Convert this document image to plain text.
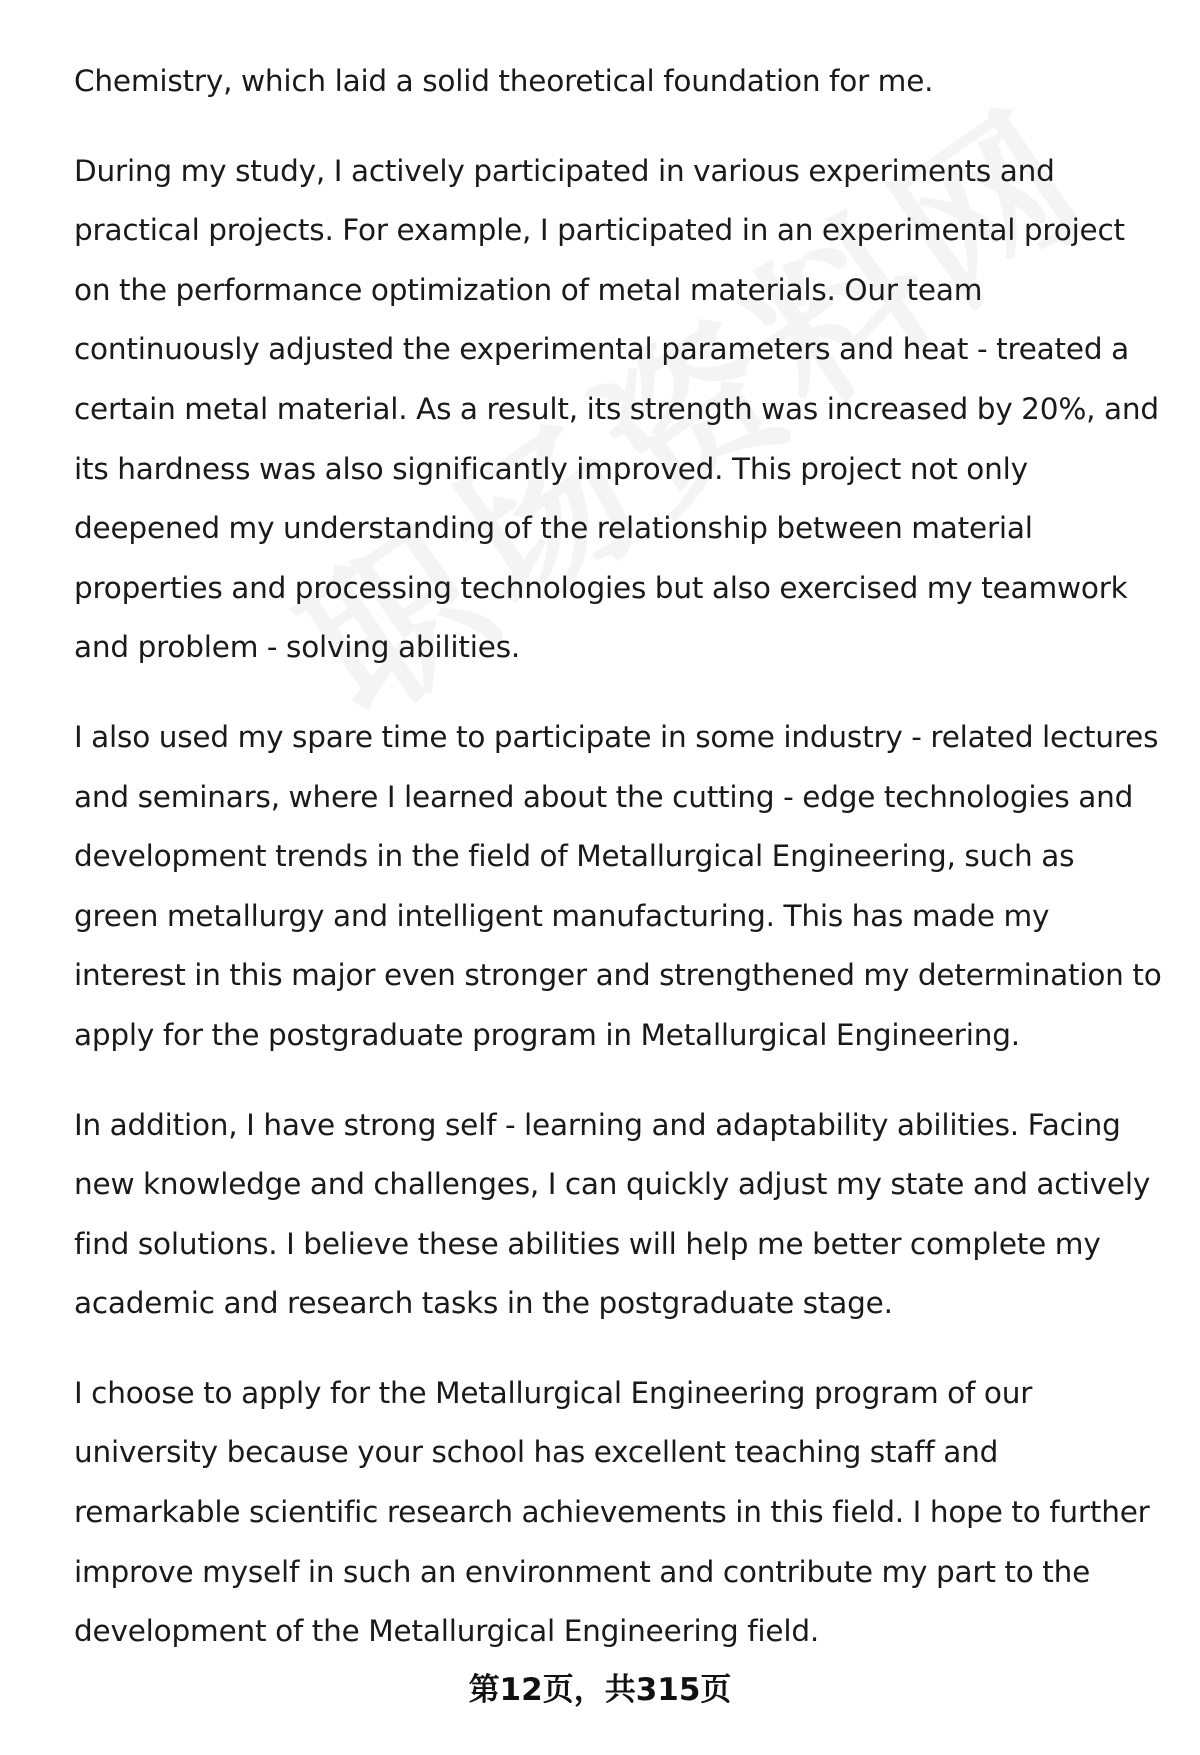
Chemistry, which laid a solid theoretical foundation for me.

During my study, I actively participated in various experiments and practical projects. For example, I participated in an experimental project on the performance optimization of metal materials. Our team continuously adjusted the experimental parameters and heat - treated a certain metal material. As a result, its strength was increased by 20%, and its hardness was also significantly improved. This project not only deepened my understanding of the relationship between material properties and processing technologies but also exercised my teamwork and problem - solving abilities.

I also used my spare time to participate in some industry - related lectures and seminars, where I learned about the cutting - edge technologies and development trends in the field of Metallurgical Engineering, such as green metallurgy and intelligent manufacturing. This has made my interest in this major even stronger and strengthened my determination to apply for the postgraduate program in Metallurgical Engineering.

In addition, I have strong self - learning and adaptability abilities. Facing new knowledge and challenges, I can quickly adjust my state and actively find solutions. I believe these abilities will help me better complete my academic and research tasks in the postgraduate stage.

I choose to apply for the Metallurgical Engineering program of our university because your school has excellent teaching staff and remarkable scientific research achievements in this field. I hope to further improve myself in such an environment and contribute my part to the development of the Metallurgical Engineering field.

第12页，共315页
